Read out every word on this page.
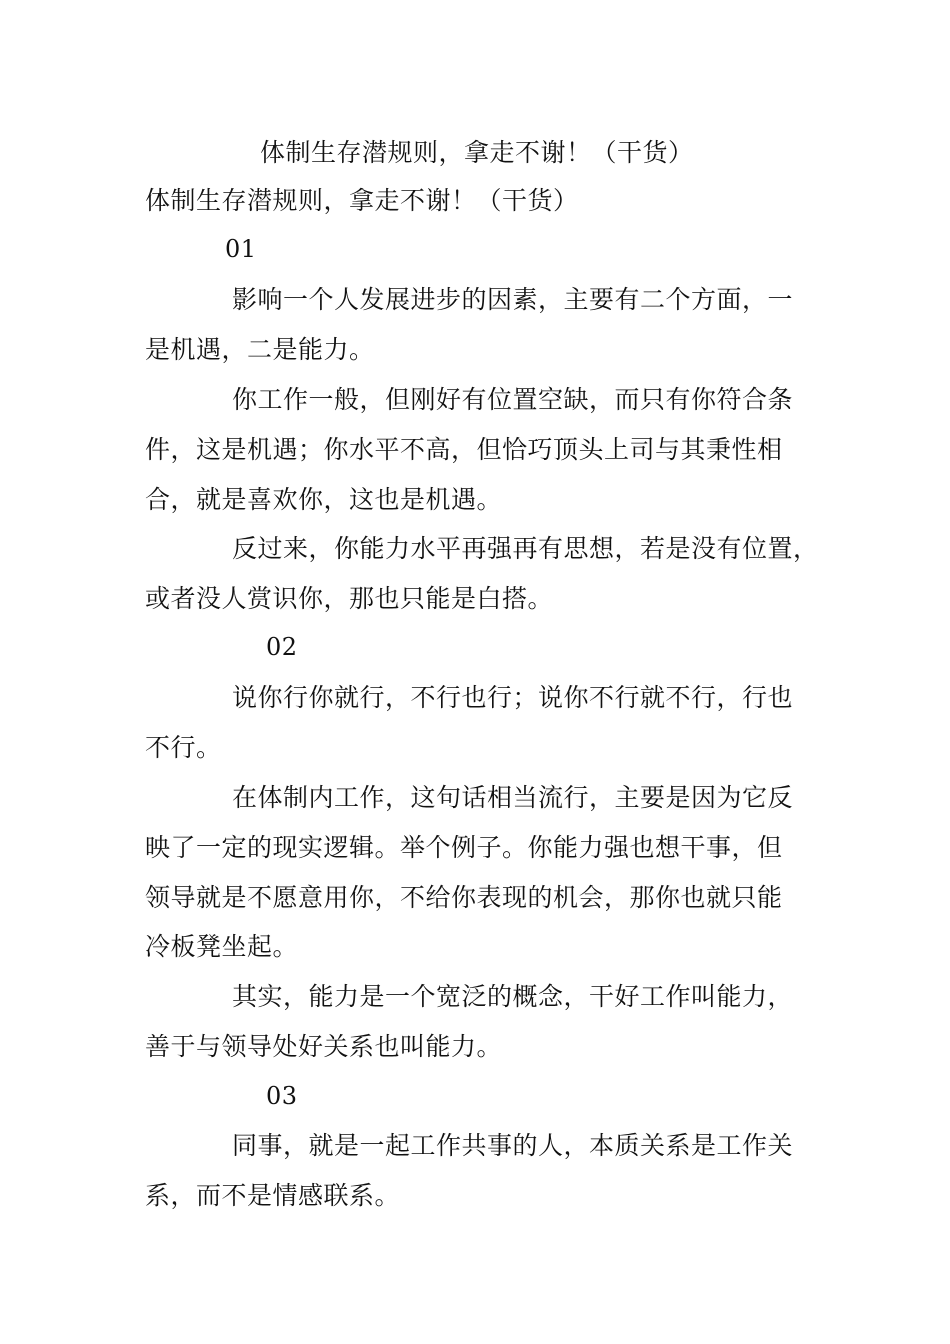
体制生存潜规则，拿走不谢！（干货）
体制生存潜规则，拿走不谢！（干货）
01
影响一个人发展进步的因素，主要有二个方面，一
是机遇，二是能力。
你工作一般，但刚好有位置空缺，而只有你符合条
件，这是机遇；你水平不高，但恰巧顶头上司与其秉性相
合，就是喜欢你，这也是机遇。
反过来，你能力水平再强再有思想，若是没有位置，
或者没人赏识你，那也只能是白搭。
02
说你行你就行，不行也行；说你不行就不行，行也
不行。
在体制内工作，这句话相当流行，主要是因为它反
映了一定的现实逻辑。举个例子。你能力强也想干事，但
领导就是不愿意用你，不给你表现的机会，那你也就只能
冷板凳坐起。
其实，能力是一个宽泛的概念，干好工作叫能力，
善于与领导处好关系也叫能力。
03
同事，就是一起工作共事的人，本质关系是工作关
系，而不是情感联系。
